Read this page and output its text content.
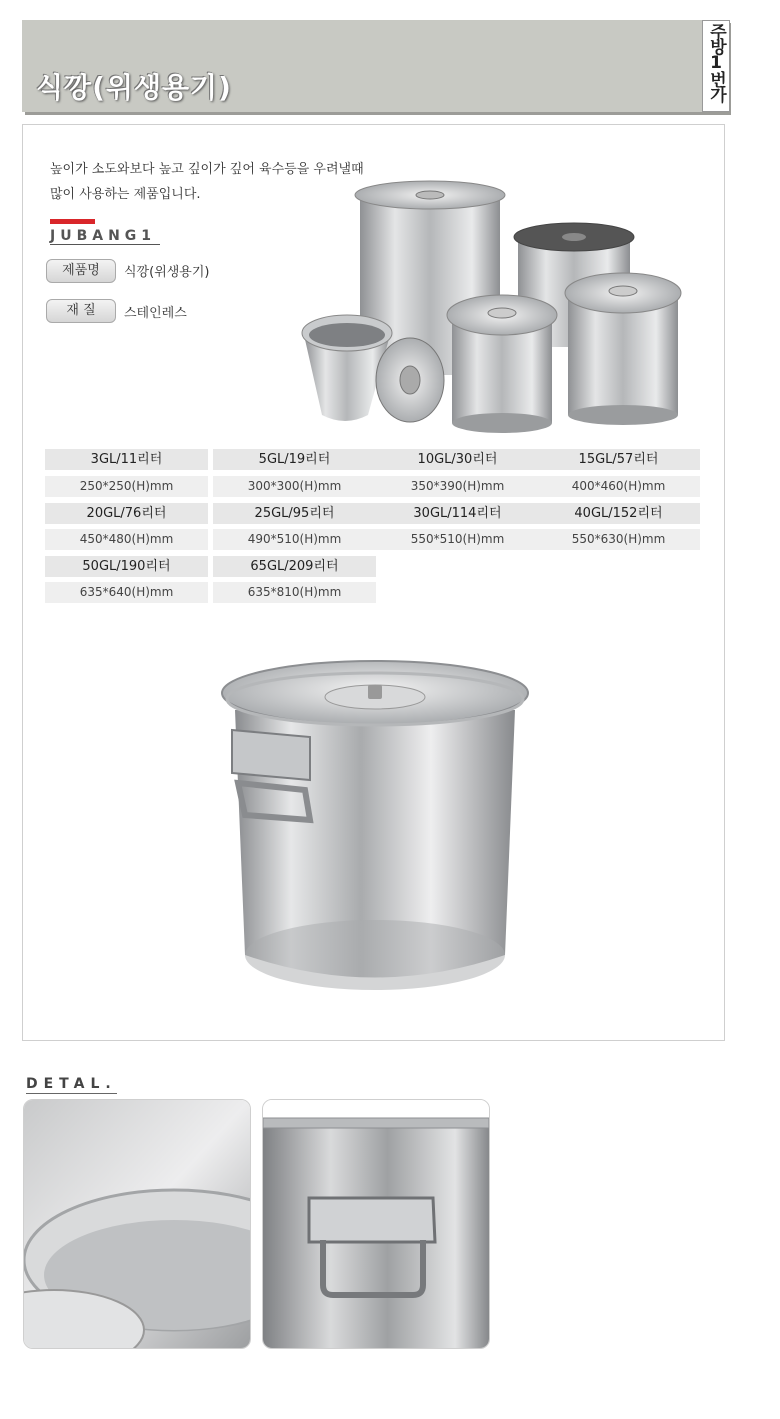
식깡(위생용기)	주방1번가
높이가 소도와보다 높고 깊이가 깊어 육수등을 우려낼때
많이 사용하는 제품입니다.
JUBANG1
제품명	식깡(위생용기)
재 질	스테인레스
3GL/11리터	5GL/19리터	10GL/30리터	15GL/57리터
250*250(H)mm	300*300(H)mm	350*390(H)mm	400*460(H)mm
20GL/76리터	25GL/95리터	30GL/114리터	40GL/152리터
450*480(H)mm	490*510(H)mm	550*510(H)mm	550*630(H)mm
50GL/190리터	65GL/209리터
635*640(H)mm	635*810(H)mm
DETAL.
